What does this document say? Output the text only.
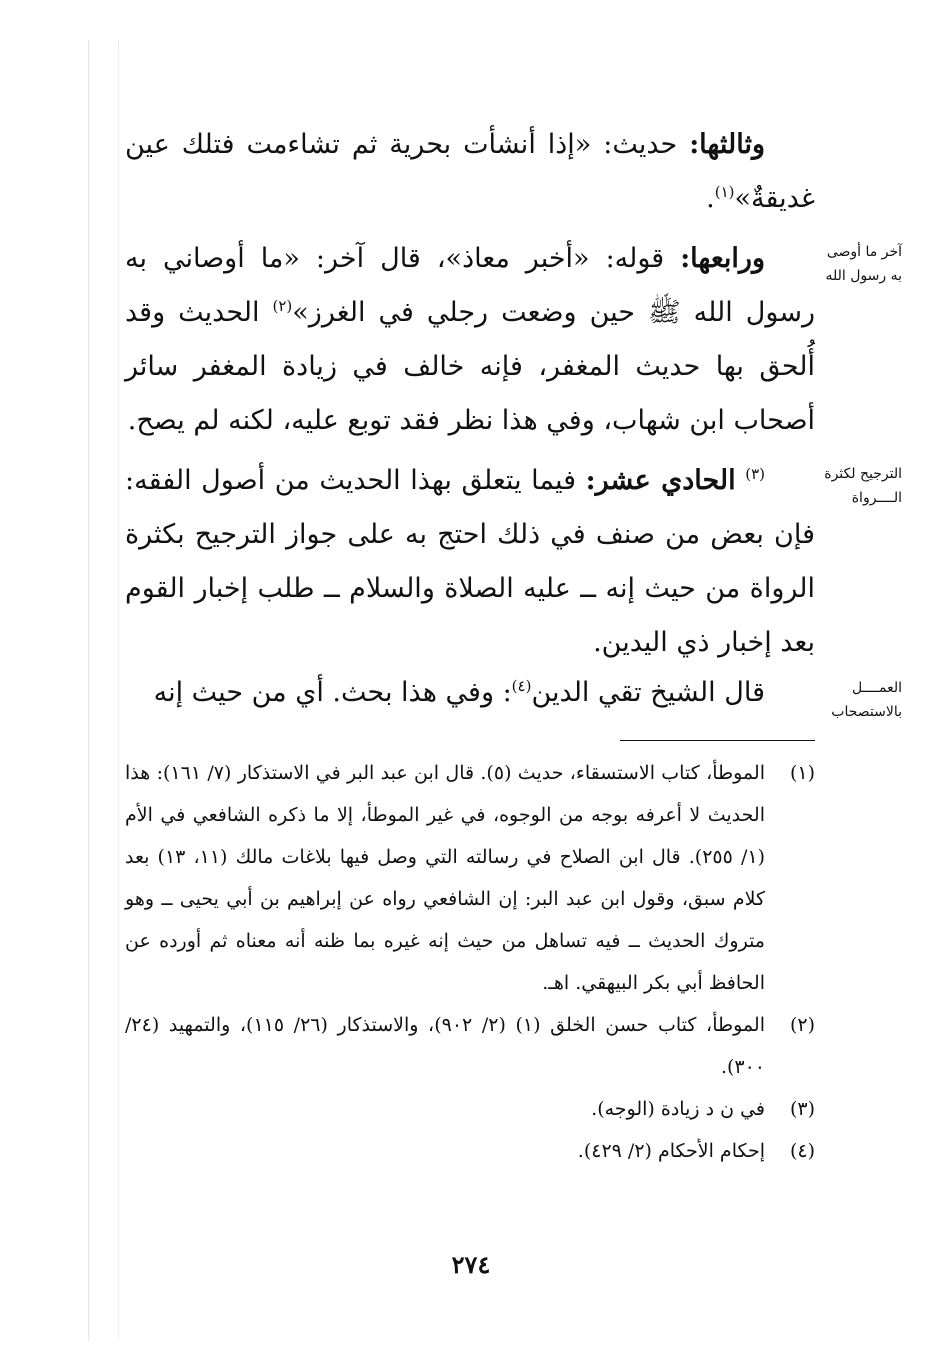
وثالثها: حديث: «إذا أنشأت بحرية ثم تشاءمت فتلك عين غديقةٌ»$^{(١)}$.
ورابعها: قوله: «أخبر معاذ»، قال آخر: «ما أوصاني به رسول الله ﷺ حين وضعت رجلي في الغرز»$^{(٢)}$ الحديث وقد أُلحق بها حديث المغفر، فإنه خالف في زيادة المغفر سائر أصحاب ابن شهاب، وفي هذا نظر فقد توبع عليه، لكنه لم يصح.
$^{(٣)}$ الحادي عشر: فيما يتعلق بهذا الحديث من أصول الفقه: فإن بعض من صنف في ذلك احتج به على جواز الترجيح بكثرة الرواة من حيث إنه ــ عليه الصلاة والسلام ــ طلب إخبار القوم بعد إخبار ذي اليدين.
قال الشيخ تقي الدين$^{(٤)}$: وفي هذا بحث. أي من حيث إنه
آخر ما أوصى به رسول الله
الترجيح لكثرة الــــرواة
العمــــل بالاستصحاب
(١)
الموطأ، كتاب الاستسقاء، حديث (٥). قال ابن عبد البر في الاستذكار (٧/ ١٦١): هذا الحديث لا أعرفه بوجه من الوجوه، في غير الموطأ، إلا ما ذكره الشافعي في الأم (١/ ٢٥٥). قال ابن الصلاح في رسالته التي وصل فيها بلاغات مالك (١١، ١٣) بعد كلام سبق، وقول ابن عبد البر: إن الشافعي رواه عن إبراهيم بن أبي يحيى ــ وهو متروك الحديث ــ فيه تساهل من حيث إنه غيره بما ظنه أنه معناه ثم أورده عن الحافظ أبي بكر البيهقي. اهـ.
(٢)
الموطأ، كتاب حسن الخلق (١) (٢/ ٩٠٢)، والاستذكار (٢٦/ ١١٥)، والتمهيد (٢٤/ ٣٠٠).
(٣)
في ن د زيادة (الوجه).
(٤)
إحكام الأحكام (٢/ ٤٢٩).
٢٧٤
